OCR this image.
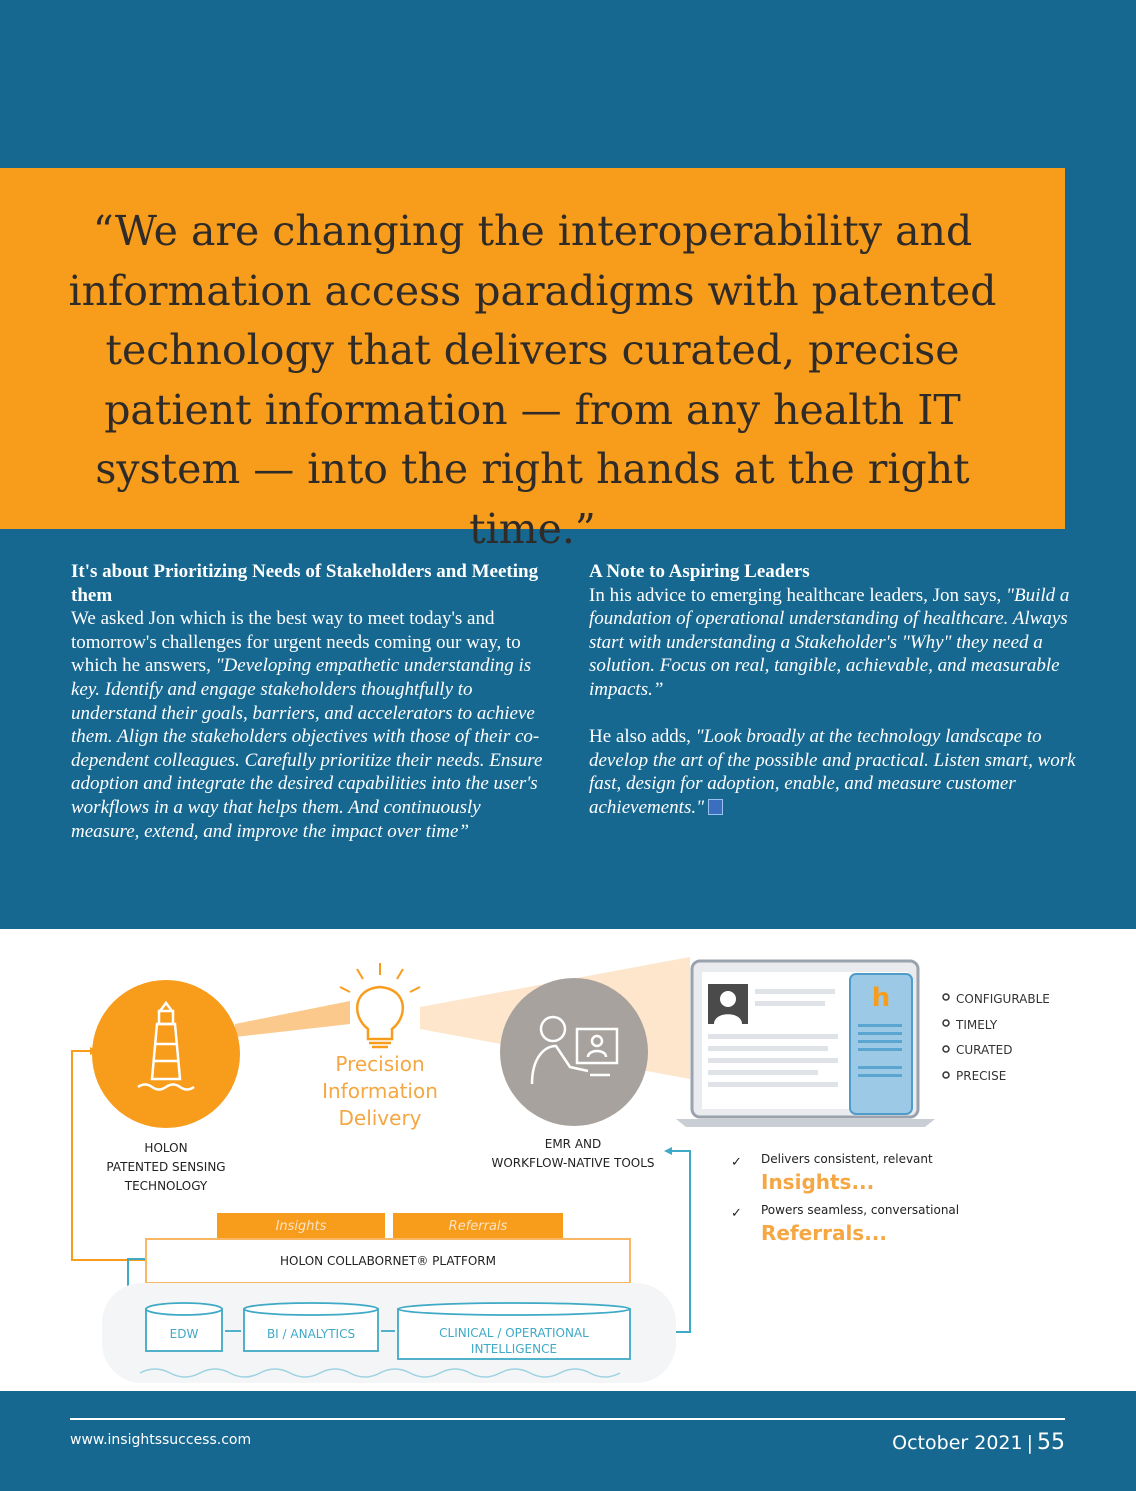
“We are changing the interoperability and information access paradigms with patented technology that delivers curated, precise patient information — from any health IT system — into the right hands at the right time.”

It's about Prioritizing Needs of Stakeholders and Meeting them

We asked Jon which is the best way to meet today's and tomorrow's challenges for urgent needs coming our way, to which he answers, "Developing empathetic understanding is key. Identify and engage stakeholders thoughtfully to understand their goals, barriers, and accelerators to achieve them. Align the stakeholders objectives with those of their co-dependent colleagues. Carefully prioritize their needs. Ensure adoption and integrate the desired capabilities into the user's workflows in a way that helps them. And continuously measure, extend, and improve the impact over time”

A Note to Aspiring Leaders

In his advice to emerging healthcare leaders, Jon says, "Build a foundation of operational understanding of healthcare. Always start with understanding a Stakeholder's "Why" they need a solution. Focus on real, tangible, achievable, and measurable impacts.”

He also adds, "Look broadly at the technology landscape to develop the art of the possible and practical. Listen smart, work fast, design for adoption, enable, and measure customer achievements."

Precision
Information
Delivery
HOLON
PATENTED SENSING
TECHNOLOGY
EMR AND
WORKFLOW-NATIVE TOOLS
h	CONFIGURABLE
TIMELY
CURATED
PRECISE
✓ Delivers consistent, relevant
Insights...
✓ Powers seamless, conversational
Referrals...
Insights	Referrals
HOLON COLLABORNET® PLATFORM
EDW	BI / ANALYTICS	CLINICAL / OPERATIONAL
INTELLIGENCE
www.insightssuccess.com	October 2021 | 55
